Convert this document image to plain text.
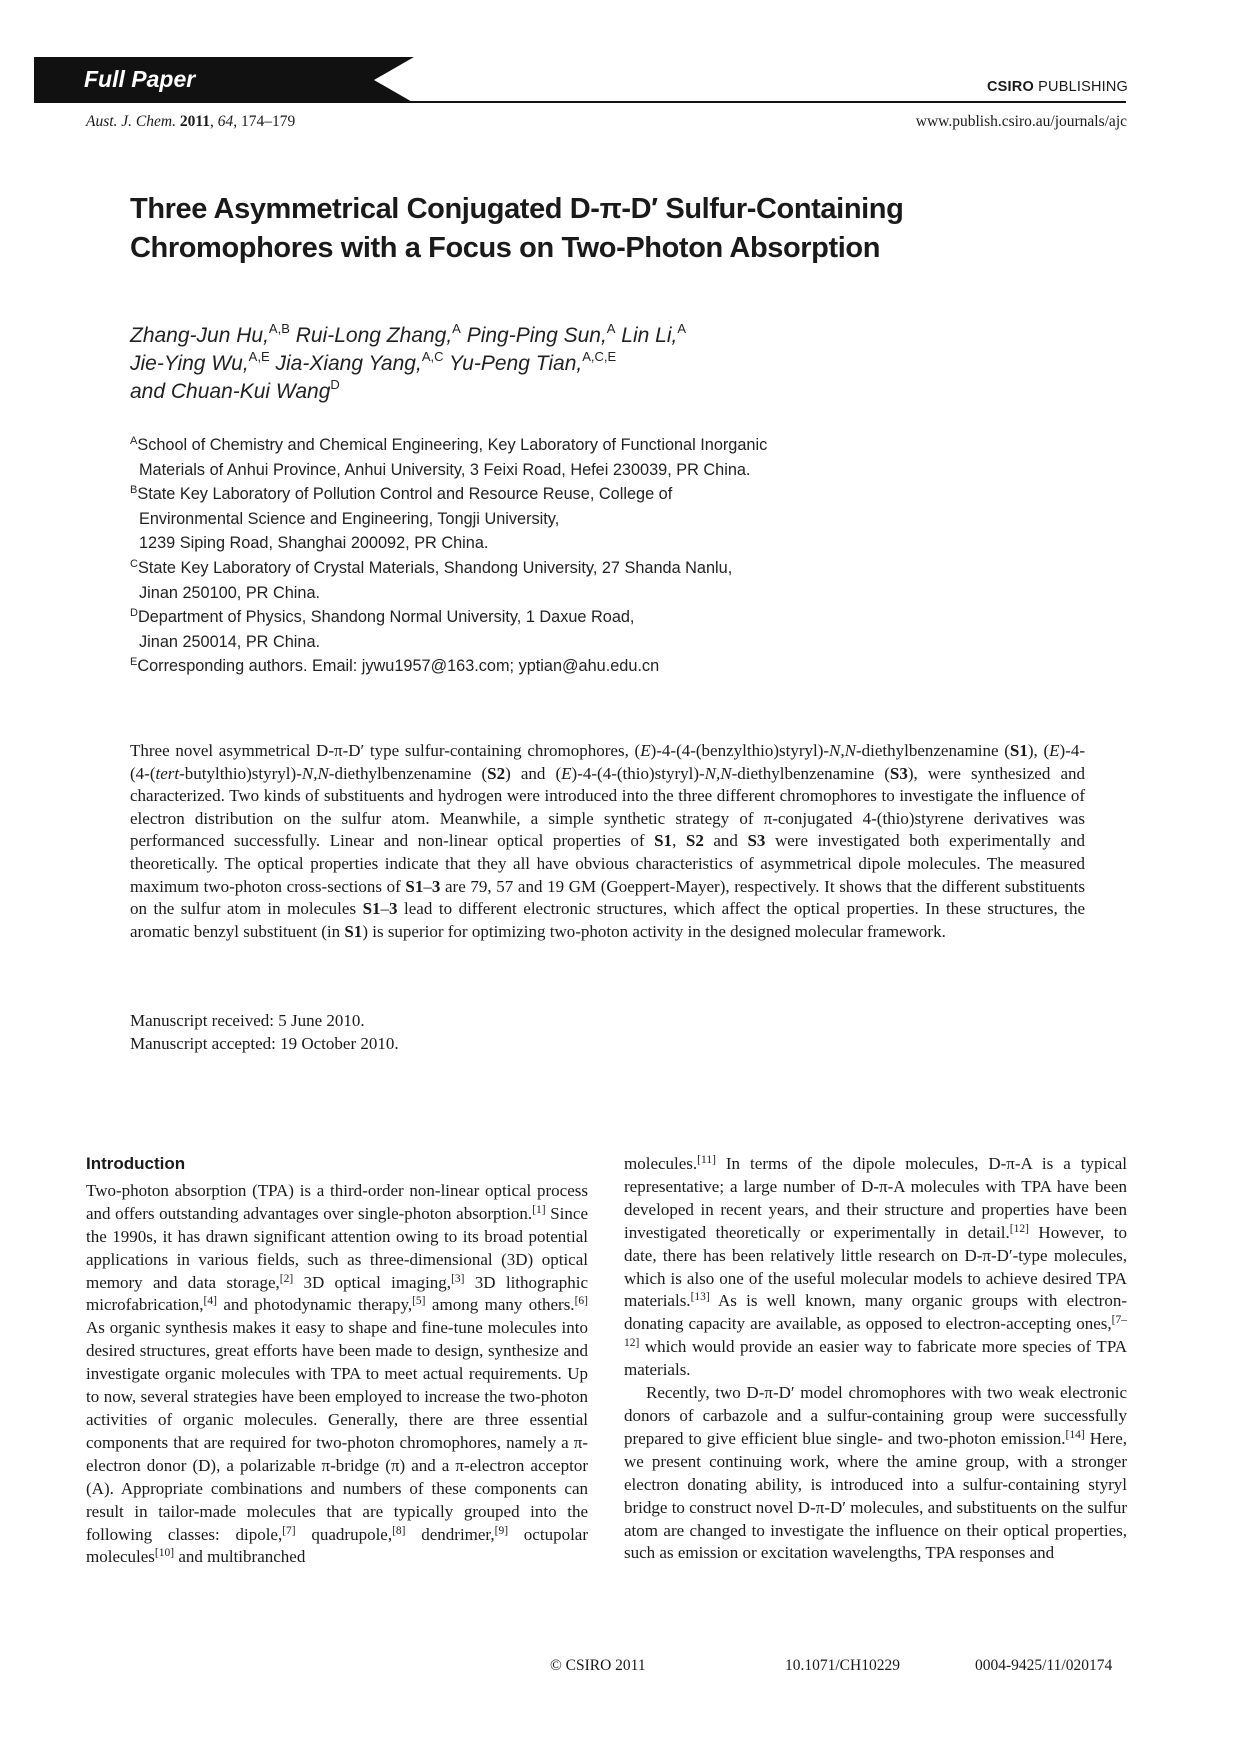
Full Paper	CSIRO PUBLISHING
Aust. J. Chem. 2011, 64, 174–179	www.publish.csiro.au/journals/ajc
Three Asymmetrical Conjugated D-π-D′ Sulfur-Containing
Chromophores with a Focus on Two-Photon Absorption
Zhang-Jun Hu,$^{A,B}$ Rui-Long Zhang,$^A$ Ping-Ping Sun,$^A$ Lin Li,$^A$
Jie-Ying Wu,$^{A,E}$ Jia-Xiang Yang,$^{A,C}$ Yu-Peng Tian,$^{A,C,E}$
and Chuan-Kui Wang$^D$
$^A$School of Chemistry and Chemical Engineering, Key Laboratory of Functional Inorganic
Materials of Anhui Province, Anhui University, 3 Feixi Road, Hefei 230039, PR China.
$^B$State Key Laboratory of Pollution Control and Resource Reuse, College of
Environmental Science and Engineering, Tongji University,
1239 Siping Road, Shanghai 200092, PR China.
$^C$State Key Laboratory of Crystal Materials, Shandong University, 27 Shanda Nanlu,
Jinan 250100, PR China.
$^D$Department of Physics, Shandong Normal University, 1 Daxue Road,
Jinan 250014, PR China.
$^E$Corresponding authors. Email: jywu1957@163.com; yptian@ahu.edu.cn
Three novel asymmetrical D-π-D′ type sulfur-containing chromophores, (E)-4-(4-(benzylthio)styryl)-N,N-diethylbenzenamine (S1), (E)-4-(4-(tert-butylthio)styryl)-N,N-diethylbenzenamine (S2) and (E)-4-(4-(thio)styryl)-N,N-diethylbenzenamine (S3), were synthesized and characterized. Two kinds of substituents and hydrogen were introduced into the three different chromophores to investigate the influence of electron distribution on the sulfur atom. Meanwhile, a simple synthetic strategy of π-conjugated 4-(thio)styrene derivatives was performanced successfully. Linear and non-linear optical properties of S1, S2 and S3 were investigated both experimentally and theoretically. The optical properties indicate that they all have obvious characteristics of asymmetrical dipole molecules. The measured maximum two-photon cross-sections of S1–3 are 79, 57 and 19 GM (Goeppert-Mayer), respectively. It shows that the different substituents on the sulfur atom in molecules S1–3 lead to different electronic structures, which affect the optical properties. In these structures, the aromatic benzyl substituent (in S1) is superior for optimizing two-photon activity in the designed molecular framework.
Manuscript received: 5 June 2010.
Manuscript accepted: 19 October 2010.
Introduction

Two-photon absorption (TPA) is a third-order non-linear optical process and offers outstanding advantages over single-photon absorption.[1] Since the 1990s, it has drawn significant attention owing to its broad potential applications in various fields, such as three-dimensional (3D) optical memory and data storage,[2] 3D optical imaging,[3] 3D lithographic microfabrication,[4] and photodynamic therapy,[5] among many others.[6] As organic synthesis makes it easy to shape and fine-tune molecules into desired structures, great efforts have been made to design, synthesize and investigate organic molecules with TPA to meet actual requirements. Up to now, several strategies have been employed to increase the two-photon activities of organic molecules. Generally, there are three essential components that are required for two-photon chromophores, namely a π-electron donor (D), a polarizable π-bridge (π) and a π-electron acceptor (A). Appropriate combinations and numbers of these components can result in tailor-made molecules that are typically grouped into the following classes: dipole,[7] quadrupole,[8] dendrimer,[9] octupolar molecules[10] and multibranched

molecules.[11] In terms of the dipole molecules, D-π-A is a typical representative; a large number of D-π-A molecules with TPA have been developed in recent years, and their structure and properties have been investigated theoretically or experimentally in detail.[12] However, to date, there has been relatively little research on D-π-D′-type molecules, which is also one of the useful molecular models to achieve desired TPA materials.[13] As is well known, many organic groups with electron-donating capacity are available, as opposed to electron-accepting ones,[7–12] which would provide an easier way to fabricate more species of TPA materials.

Recently, two D-π-D′ model chromophores with two weak electronic donors of carbazole and a sulfur-containing group were successfully prepared to give efficient blue single- and two-photon emission.[14] Here, we present continuing work, where the amine group, with a stronger electron donating ability, is introduced into a sulfur-containing styryl bridge to construct novel D-π-D′ molecules, and substituents on the sulfur atom are changed to investigate the influence on their optical properties, such as emission or excitation wavelengths, TPA responses and

© CSIRO 2011	10.1071/CH10229	0004-9425/11/020174
